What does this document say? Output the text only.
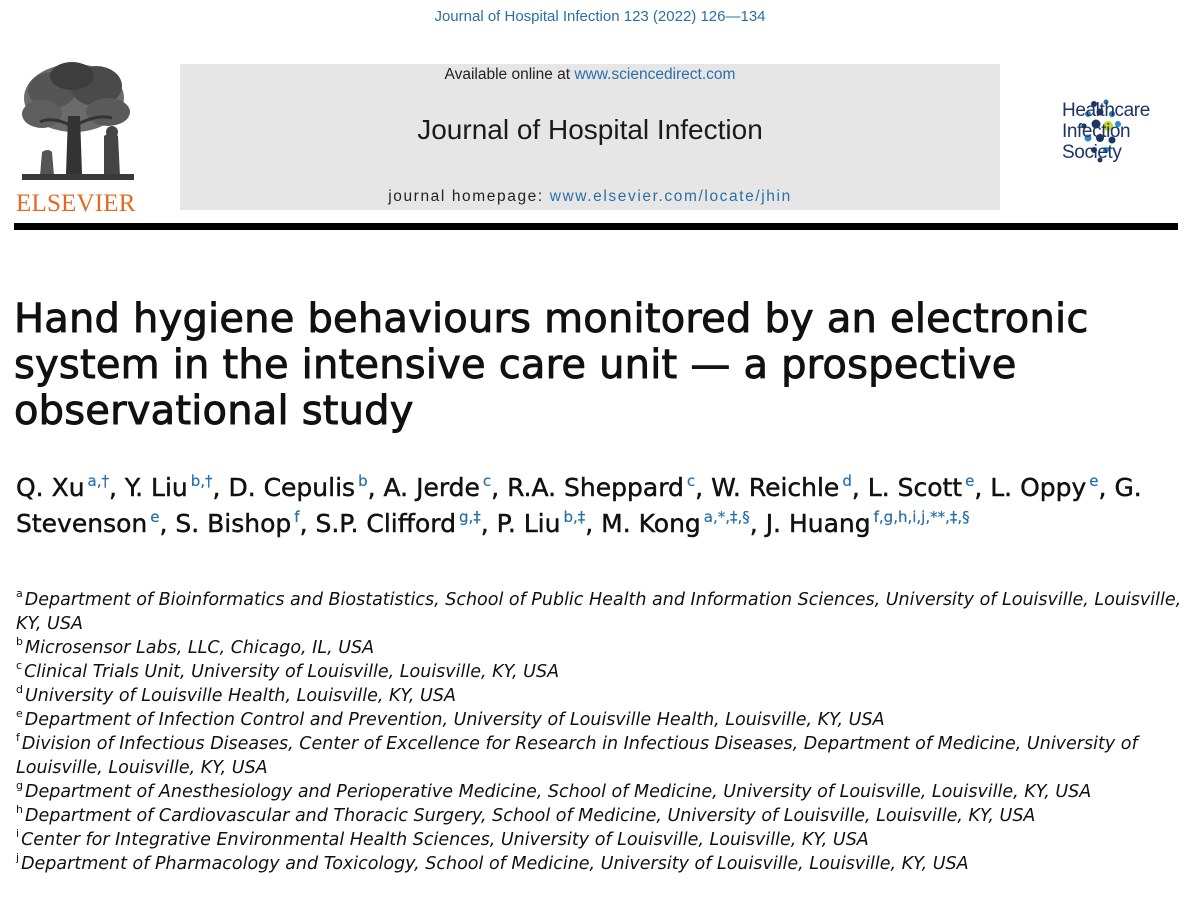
Journal of Hospital Infection 123 (2022) 126—134
ELSEVIER
Available online at www.sciencedirect.com
Journal of Hospital Infection
journal homepage: www.elsevier.com/locate/jhin
Healthcare
Infection
Society
Hand hygiene behaviours monitored by an electronic system in the intensive care unit — a prospective observational study
Q. Xu $^{a,\dagger}$, Y. Liu $^{b,\dagger}$, D. Cepulis $^b$, A. Jerde $^c$, R.A. Sheppard $^c$, W. Reichle $^d$, L. Scott $^e$, L. Oppy $^e$, G. Stevenson $^e$, S. Bishop $^f$, S.P. Clifford $^{g,\ddagger}$, P. Liu $^{b,\ddagger}$, M. Kong $^{a,*,\ddagger,\S}$, J. Huang $^{f,g,h,i,j,**,\ddagger,\S}$
$^a$ Department of Bioinformatics and Biostatistics, School of Public Health and Information Sciences, University of Louisville, Louisville, KY, USA
$^b$ Microsensor Labs, LLC, Chicago, IL, USA
$^c$ Clinical Trials Unit, University of Louisville, Louisville, KY, USA
$^d$ University of Louisville Health, Louisville, KY, USA
$^e$ Department of Infection Control and Prevention, University of Louisville Health, Louisville, KY, USA
$^f$ Division of Infectious Diseases, Center of Excellence for Research in Infectious Diseases, Department of Medicine, University of Louisville, Louisville, KY, USA
$^g$ Department of Anesthesiology and Perioperative Medicine, School of Medicine, University of Louisville, Louisville, KY, USA
$^h$ Department of Cardiovascular and Thoracic Surgery, School of Medicine, University of Louisville, Louisville, KY, USA
$^i$ Center for Integrative Environmental Health Sciences, University of Louisville, Louisville, KY, USA
$^j$ Department of Pharmacology and Toxicology, School of Medicine, University of Louisville, Louisville, KY, USA
